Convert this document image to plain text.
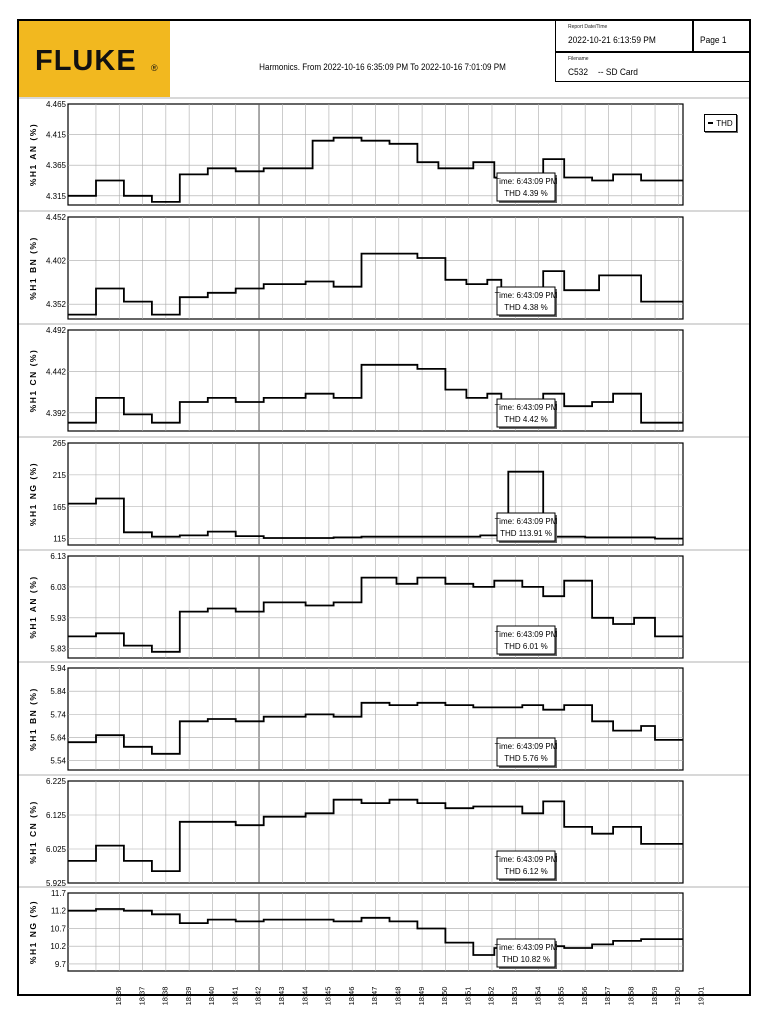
FLUKE ®	Harmonics. From 2022-10-16 6:35:09 PM To 2022-10-16 7:01:09 PM
Report Date/Time
2022-10-21 6:13:59 PM	Page 1
Filename
C532 -- SD Card
THD
4.465
4.415
4.365
4.315
%H1 AN (%)	Time: 6:43:09 PM
THD 4.39 %
4.452
4.402
4.352
%H1 BN (%)	Time: 6:43:09 PM
THD 4.38 %
4.492
4.442
4.392
%H1 CN (%)	Time: 6:43:09 PM
THD 4.42 %
265
215
165
115
%H1 NG (%)	Time: 6:43:09 PM
THD 113.91 %
6.13
6.03
5.93
5.83
%H1 AN (%)	Time: 6:43:09 PM
THD 6.01 %
5.94
5.84
5.74
5.64
5.54
%H1 BN (%)	Time: 6:43:09 PM
THD 5.76 %
6.225
6.125
6.025
5.925
%H1 CN (%)	Time: 6:43:09 PM
THD 6.12 %
11.7
11.2
10.7
10.2
9.7
%H1 NG (%)	Time: 6:43:09 PM
THD 10.82 %
18:36 18:37 18:38 18:39 18:40 18:41 18:42 18:43 18:44 18:45 18:46 18:47 18:48 18:49 18:50 18:51 18:52 18:53 18:54 18:55 18:56 18:57 18:58 18:59 19:00 19:01
